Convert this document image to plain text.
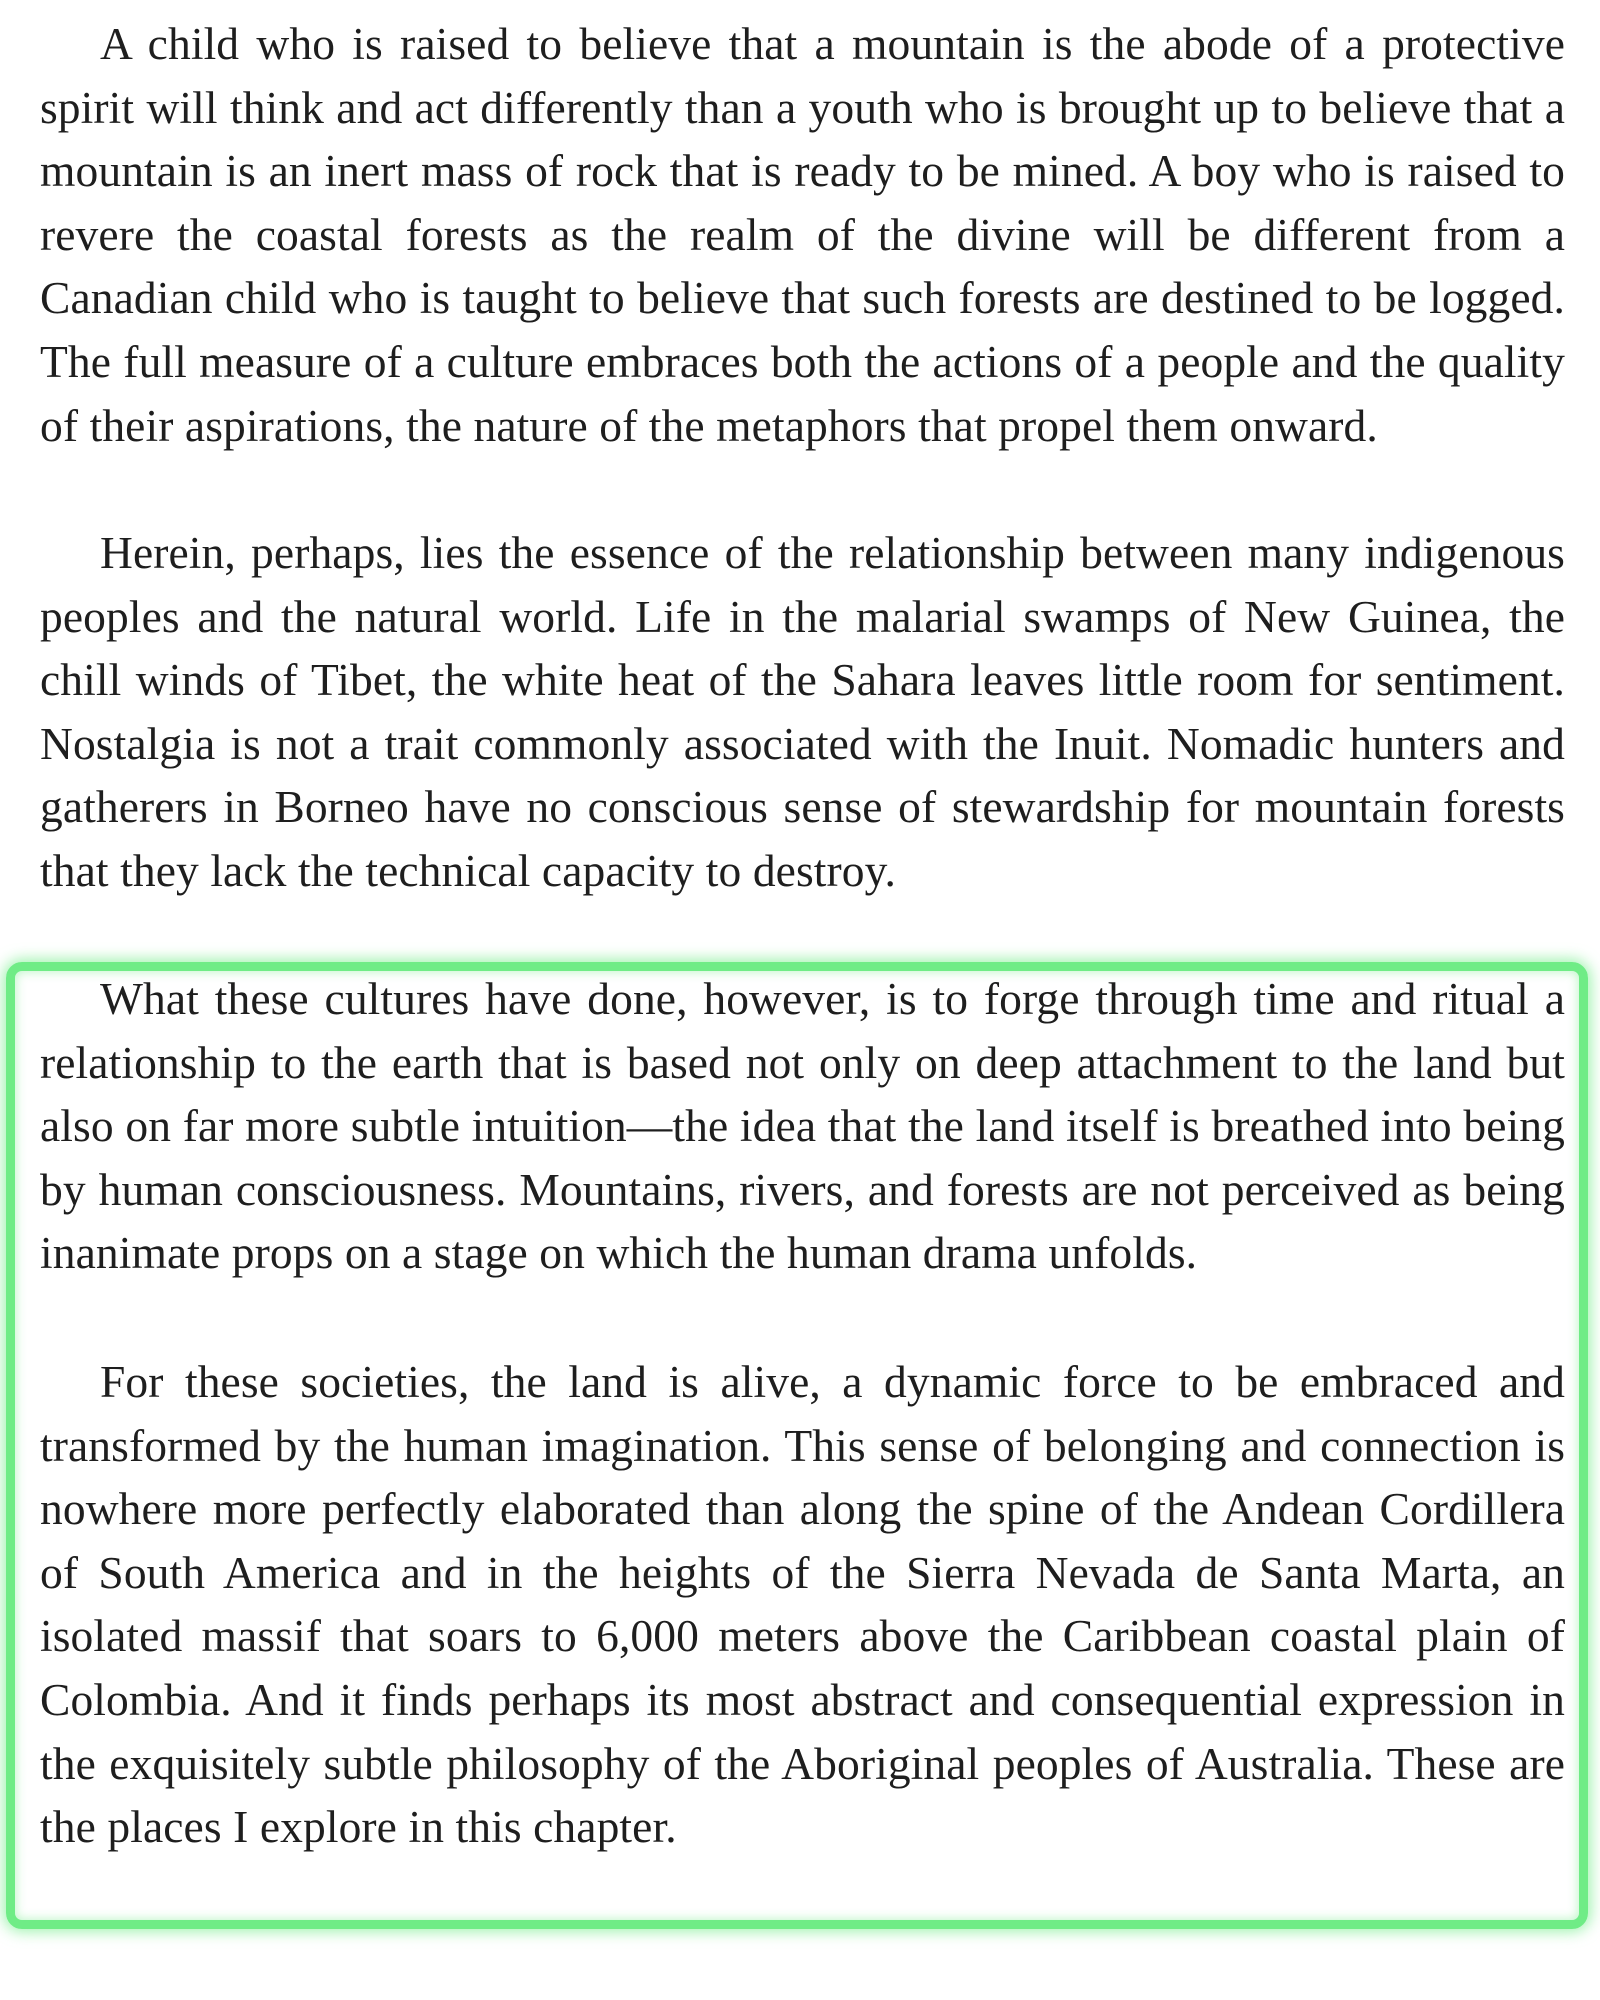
A child who is raised to believe that a mountain is the abode of a protective spirit will think and act differently than a youth who is brought up to believe that a mountain is an inert mass of rock that is ready to be mined. A boy who is raised to revere the coastal forests as the realm of the divine will be different from a Canadian child who is taught to believe that such forests are destined to be logged. The full measure of a culture embraces both the actions of a people and the quality of their aspirations, the nature of the metaphors that propel them onward.

Herein, perhaps, lies the essence of the relationship between many indigenous peoples and the natural world. Life in the malarial swamps of New Guinea, the chill winds of Tibet, the white heat of the Sahara leaves little room for sentiment. Nostalgia is not a trait commonly associated with the Inuit. Nomadic hunters and gatherers in Borneo have no conscious sense of stewardship for mountain forests that they lack the technical capacity to destroy.

What these cultures have done, however, is to forge through time and ritual a relationship to the earth that is based not only on deep attachment to the land but also on far more subtle intuition—the idea that the land itself is breathed into being by human consciousness. Mountains, rivers, and forests are not perceived as being inanimate props on a stage on which the human drama unfolds.

For these societies, the land is alive, a dynamic force to be embraced and transformed by the human imagination. This sense of belonging and connection is nowhere more perfectly elaborated than along the spine of the Andean Cordillera of South America and in the heights of the Sierra Nevada de Santa Marta, an isolated massif that soars to 6,000 meters above the Caribbean coastal plain of Colombia. And it finds perhaps its most abstract and consequential expression in the exquisitely subtle philosophy of the Aboriginal peoples of Australia. These are the places I explore in this chapter.
